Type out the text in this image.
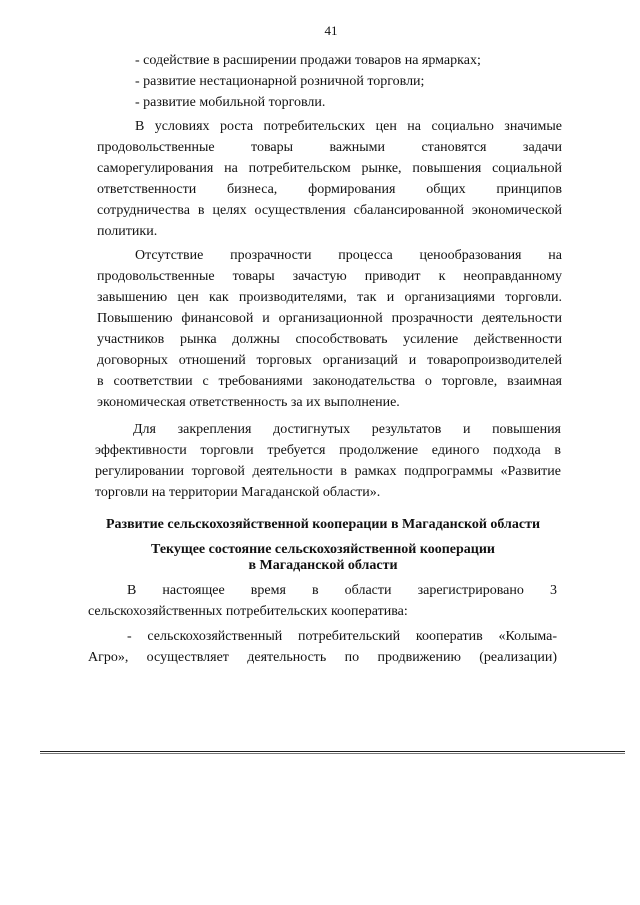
41
- содействие в расширении продажи товаров на ярмарках;
- развитие нестационарной розничной торговли;
- развитие мобильной торговли.
В условиях роста потребительских цен на социально значимые
продовольственные товары важными становятся задачи
саморегулирования на потребительском рынке, повышения социальной
ответственности бизнеса, формирования общих принципов
сотрудничества в целях осуществления сбалансированной экономической
политики.
Отсутствие прозрачности процесса ценообразования на
продовольственные товары зачастую приводит к неоправданному
завышению цен как производителями, так и организациями торговли.
Повышению финансовой и организационной прозрачности деятельности
участников рынка должны способствовать усиление действенности
договорных отношений торговых организаций и товаропроизводителей
в соответствии с требованиями законодательства о торговле, взаимная
экономическая ответственность за их выполнение.
Для закрепления достигнутых результатов и повышения
эффективности торговли требуется продолжение единого подхода в
регулировании торговой деятельности в рамках подпрограммы «Развитие
торговли на территории Магаданской области».
Развитие сельскохозяйственной кооперации в Магаданской области
Текущее состояние сельскохозяйственной кооперации
в Магаданской области
В настоящее время в области зарегистрировано 3
сельскохозяйственных потребительских кооператива:
- сельскохозяйственный потребительский кооператив «Колыма-
Агро», осуществляет деятельность по продвижению (реализации)
